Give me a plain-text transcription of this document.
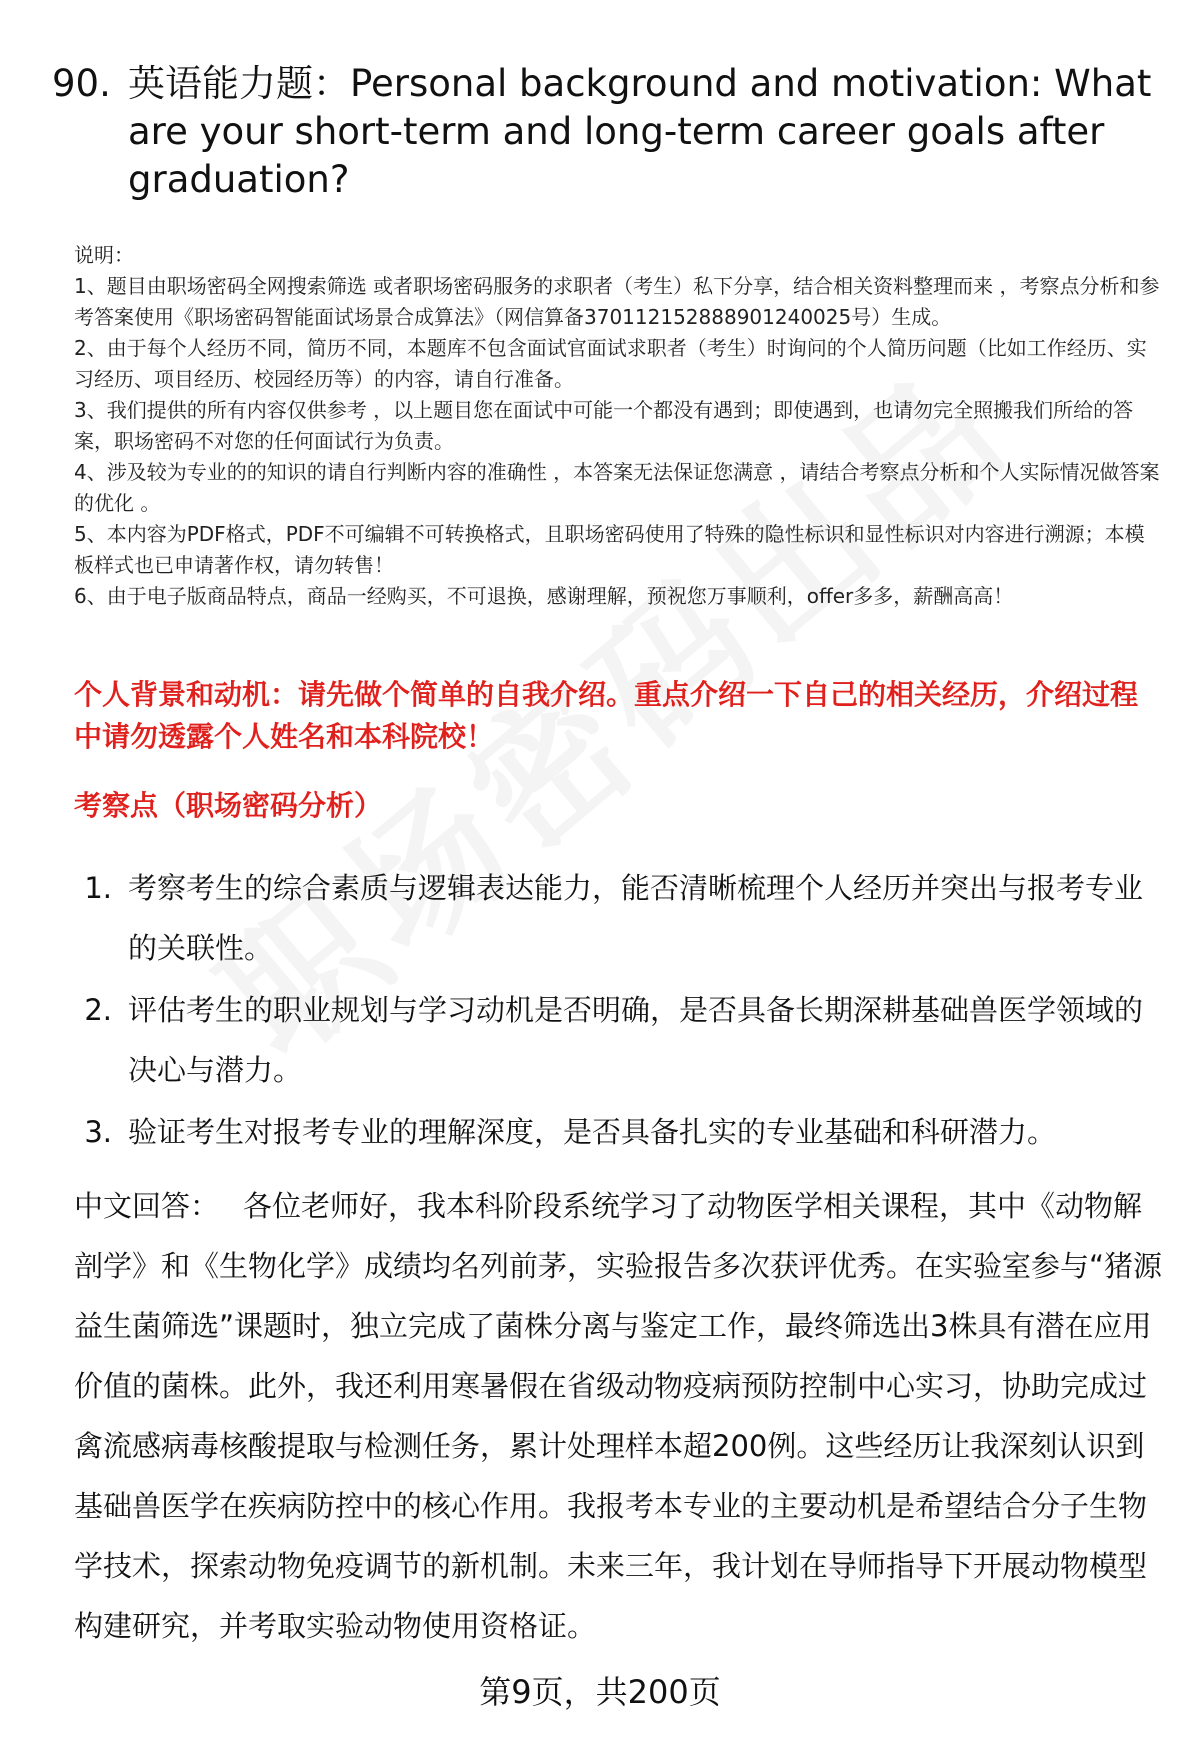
90. 英语能力题：Personal background and motivation: What are your short-term and long-term career goals after graduation?

说明：

1、题目由职场密码全网搜索筛选 或者职场密码服务的求职者（考生）私下分享，结合相关资料整理而来 ，考察点分析和参考答案使用《职场密码智能面试场景合成算法》（网信算备370112152888901240025号）生成。

2、由于每个人经历不同，简历不同，本题库不包含面试官面试求职者（考生）时询问的个人简历问题（比如工作经历、实习经历、项目经历、校园经历等）的内容，请自行准备。

3、我们提供的所有内容仅供参考 ，以上题目您在面试中可能一个都没有遇到；即使遇到，也请勿完全照搬我们所给的答案，职场密码不对您的任何面试行为负责。

4、涉及较为专业的的知识的请自行判断内容的准确性 ，本答案无法保证您满意 ，请结合考察点分析和个人实际情况做答案的优化 。

5、本内容为PDF格式，PDF不可编辑不可转换格式，且职场密码使用了特殊的隐性标识和显性标识对内容进行溯源；本模板样式也已申请著作权，请勿转售！

6、由于电子版商品特点，商品一经购买，不可退换，感谢理解，预祝您万事顺利，offer多多，薪酬高高！

个人背景和动机：请先做个简单的自我介绍。重点介绍一下自己的相关经历，介绍过程中请勿透露个人姓名和本科院校！

考察点（职场密码分析）

1. 考察考生的综合素质与逻辑表达能力，能否清晰梳理个人经历并突出与报考专业的关联性。
2. 评估考生的职业规划与学习动机是否明确，是否具备长期深耕基础兽医学领域的决心与潜力。
3. 验证考生对报考专业的理解深度，是否具备扎实的专业基础和科研潜力。

中文回答： 各位老师好，我本科阶段系统学习了动物医学相关课程，其中《动物解剖学》和《生物化学》成绩均名列前茅，实验报告多次获评优秀。在实验室参与“猪源益生菌筛选”课题时，独立完成了菌株分离与鉴定工作，最终筛选出3株具有潜在应用价值的菌株。此外，我还利用寒暑假在省级动物疫病预防控制中心实习，协助完成过禽流感病毒核酸提取与检测任务，累计处理样本超200例。这些经历让我深刻认识到基础兽医学在疾病防控中的核心作用。我报考本专业的主要动机是希望结合分子生物学技术，探索动物免疫调节的新机制。未来三年，我计划在导师指导下开展动物模型构建研究，并考取实验动物使用资格证。

第9页，共200页
